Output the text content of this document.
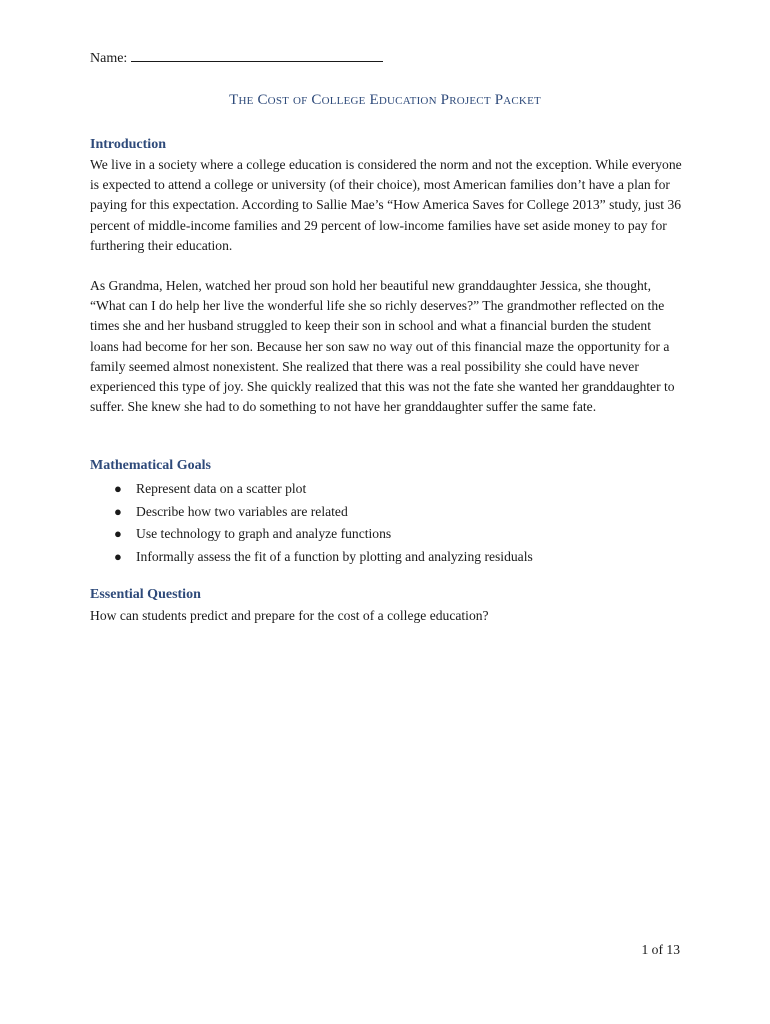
Name:
The Cost of College Education Project Packet
Introduction
We live in a society where a college education is considered the norm and not the exception. While everyone is expected to attend a college or university (of their choice), most American families don’t have a plan for paying for this expectation. According to Sallie Mae’s “How America Saves for College 2013” study, just 36 percent of middle-income families and 29 percent of low-income families have set aside money to pay for furthering their education.
As Grandma, Helen, watched her proud son hold her beautiful new granddaughter Jessica, she thought, “What can I do help her live the wonderful life she so richly deserves?” The grandmother reflected on the times she and her husband struggled to keep their son in school and what a financial burden the student loans had become for her son. Because her son saw no way out of this financial maze the opportunity for a family seemed almost nonexistent. She realized that there was a real possibility she could have never experienced this type of joy. She quickly realized that this was not the fate she wanted her granddaughter to suffer. She knew she had to do something to not have her granddaughter suffer the same fate.
Mathematical Goals
● Represent data on a scatter plot
● Describe how two variables are related
● Use technology to graph and analyze functions
● Informally assess the fit of a function by plotting and analyzing residuals
Essential Question
How can students predict and prepare for the cost of a college education?
1 of 13
